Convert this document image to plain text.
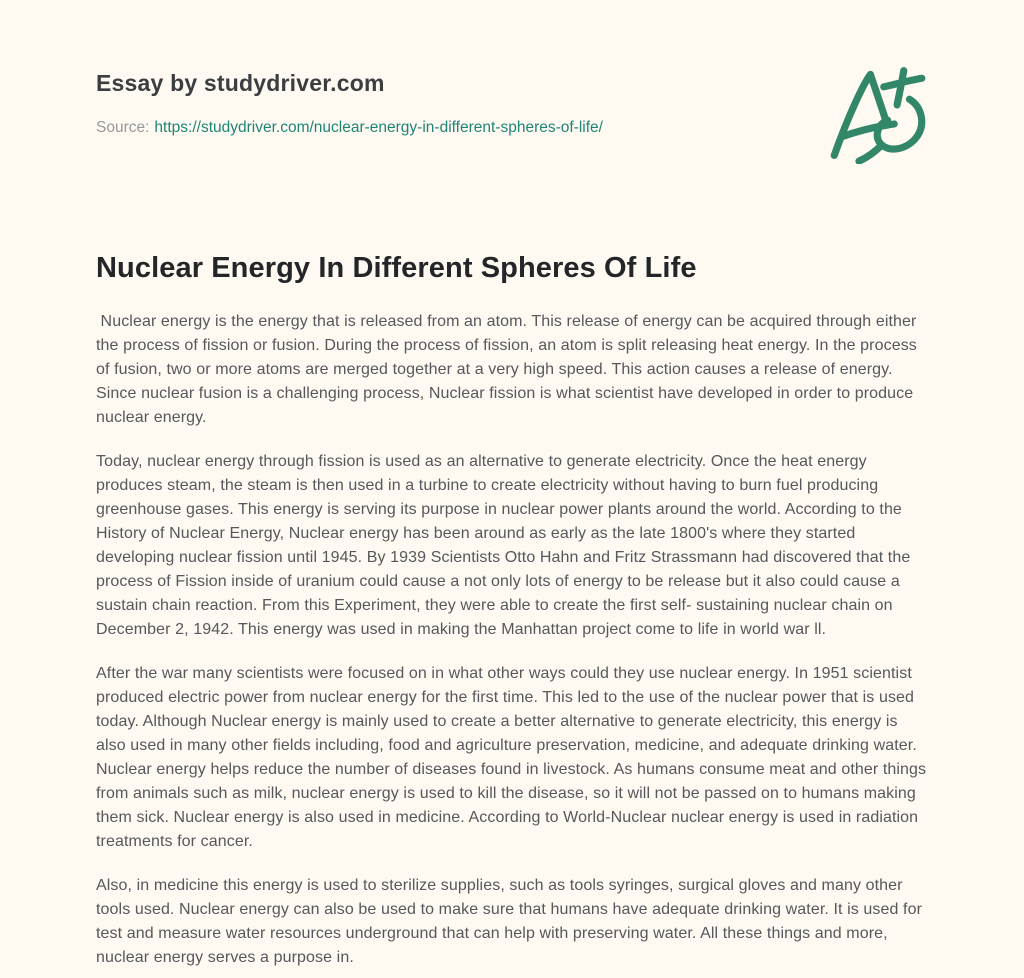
Essay by studydriver.com
Source: https://studydriver.com/nuclear-energy-in-different-spheres-of-life/
Nuclear Energy In Different Spheres Of Life

Nuclear energy is the energy that is released from an atom. This release of energy can be acquired through either the process of fission or fusion. During the process of fission, an atom is split releasing heat energy. In the process of fusion, two or more atoms are merged together at a very high speed. This action causes a release of energy. Since nuclear fusion is a challenging process, Nuclear fission is what scientist have developed in order to produce nuclear energy.

Today, nuclear energy through fission is used as an alternative to generate electricity. Once the heat energy produces steam, the steam is then used in a turbine to create electricity without having to burn fuel producing greenhouse gases. This energy is serving its purpose in nuclear power plants around the world. According to the History of Nuclear Energy, Nuclear energy has been around as early as the late 1800's where they started developing nuclear fission until 1945. By 1939 Scientists Otto Hahn and Fritz Strassmann had discovered that the process of Fission inside of uranium could cause a not only lots of energy to be release but it also could cause a sustain chain reaction. From this Experiment, they were able to create the first self- sustaining nuclear chain on December 2, 1942. This energy was used in making the Manhattan project come to life in world war ll.

After the war many scientists were focused on in what other ways could they use nuclear energy. In 1951 scientist produced electric power from nuclear energy for the first time. This led to the use of the nuclear power that is used today. Although Nuclear energy is mainly used to create a better alternative to generate electricity, this energy is also used in many other fields including, food and agriculture preservation, medicine, and adequate drinking water. Nuclear energy helps reduce the number of diseases found in livestock. As humans consume meat and other things from animals such as milk, nuclear energy is used to kill the disease, so it will not be passed on to humans making them sick. Nuclear energy is also used in medicine. According to World-Nuclear nuclear energy is used in radiation treatments for cancer.

Also, in medicine this energy is used to sterilize supplies, such as tools syringes, surgical gloves and many other tools used. Nuclear energy can also be used to make sure that humans have adequate drinking water. It is used for test and measure water resources underground that can help with preserving water. All these things and more, nuclear energy serves a purpose in.
